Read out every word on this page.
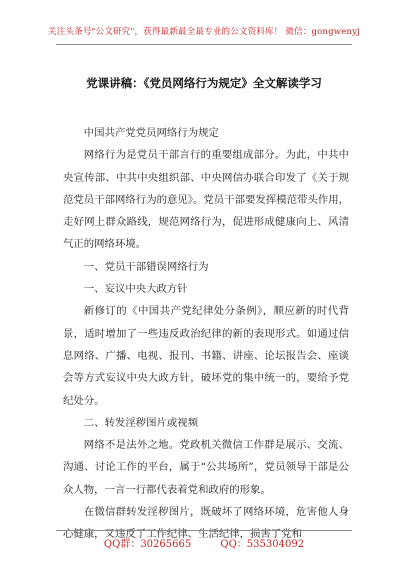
关注头条号"公文研究"，获得最新最全最专业的公文资料库！ 微信：gongwenyj
党课讲稿：《党员网络行为规定》全文解读学习

中国共产党党员网络行为规定

网络行为是党员干部言行的重要组成部分。为此，中共中央宣传部、中共中央组织部、中央网信办联合印发了《关于规范党员干部网络行为的意见》。党员干部要发挥模范带头作用，走好网上群众路线，规范网络行为，促进形成健康向上、风清气正的网络环境。

一、党员干部错误网络行为

一、妄议中央大政方针

新修订的《中国共产党纪律处分条例》，顺应新的时代背景，适时增加了一些违反政治纪律的新的表现形式。如通过信息网络、广播、电视、报刊、书籍、讲座、论坛报告会、座谈会等方式妄议中央大政方针，破坏党的集中统一的，要给予党纪处分。

二、转发淫秽图片或视频

网络不是法外之地。党政机关微信工作群是展示、交流、沟通、讨论工作的平台，属于“公共场所”，党员领导干部是公众人物，一言一行都代表着党和政府的形象。

在微信群转发淫秽图片，既破坏了网络环境，危害他人身心健康，又违反了工作纪律、生活纪律，损害了党和

QQ群：30265665	QQ：535304092
